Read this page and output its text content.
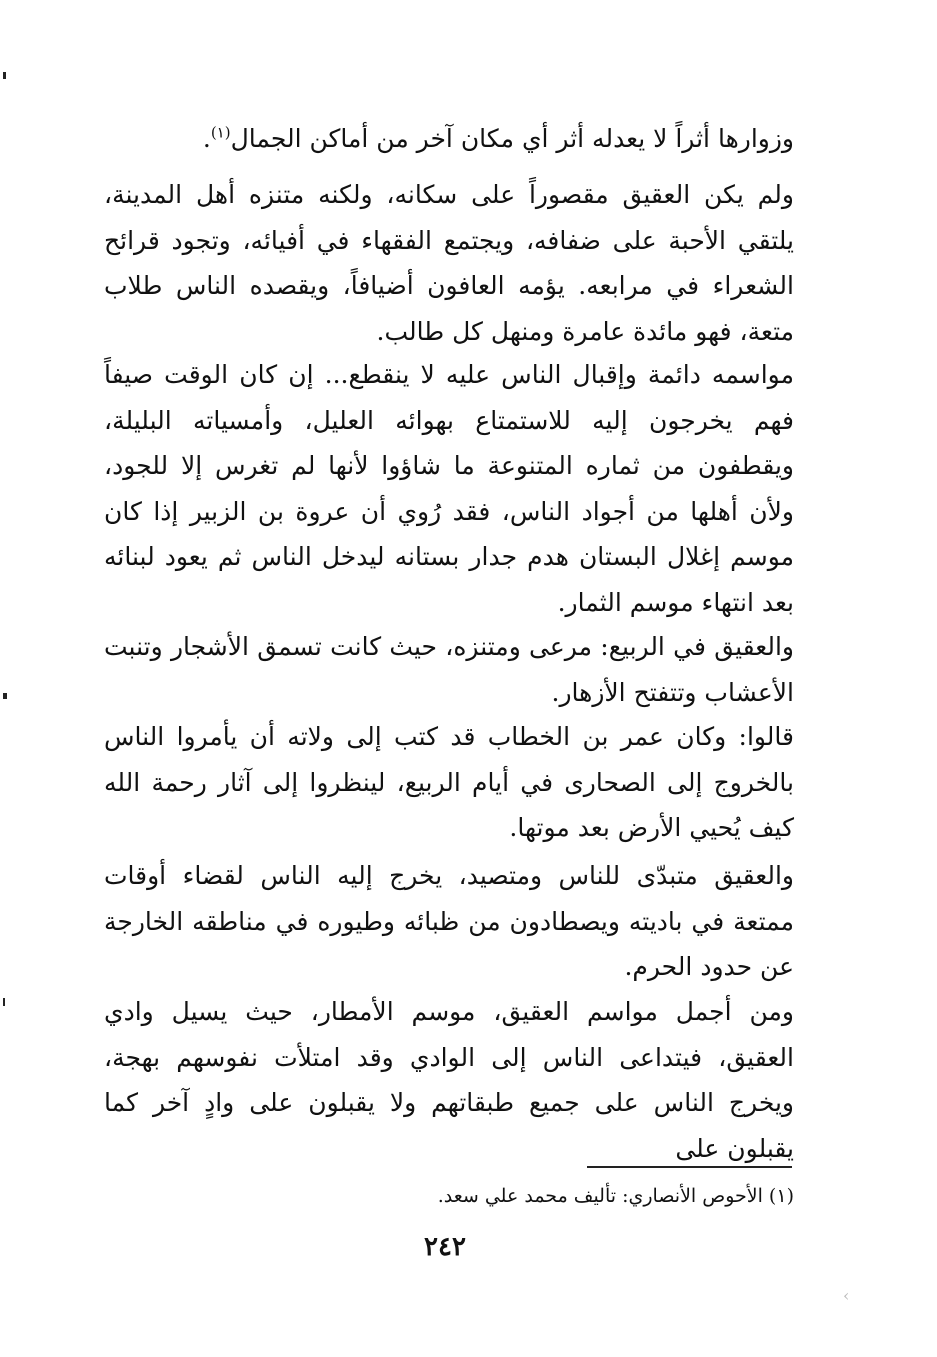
وزوارها أثراً لا يعدله أثر أي مكان آخر من أماكن الجمال$^{(١)}$.

ولم يكن العقيق مقصوراً على سكانه، ولكنه متنزه أهل المدينة، يلتقي الأحبة على ضفافه، ويجتمع الفقهاء في أفيائه، وتجود قرائح الشعراء في مرابعه. يؤمه العافون أضيافاً، ويقصده الناس طلاب متعة، فهو مائدة عامرة ومنهل كل طالب.

مواسمه دائمة وإقبال الناس عليه لا ينقطع... إن كان الوقت صيفاً فهم يخرجون إليه للاستمتاع بهوائه العليل، وأمسياته البليلة، ويقطفون من ثماره المتنوعة ما شاؤوا لأنها لم تغرس إلا للجود، ولأن أهلها من أجواد الناس، فقد رُوي أن عروة بن الزبير إذا كان موسم إغلال البستان هدم جدار بستانه ليدخل الناس ثم يعود لبنائه بعد انتهاء موسم الثمار.

والعقيق في الربيع: مرعى ومتنزه، حيث كانت تسمق الأشجار وتنبت الأعشاب وتتفتح الأزهار.

قالوا: وكان عمر بن الخطاب قد كتب إلى ولاته أن يأمروا الناس بالخروج إلى الصحارى في أيام الربيع، لينظروا إلى آثار رحمة الله كيف يُحيي الأرض بعد موتها.

والعقيق متبدّى للناس ومتصيد، يخرج إليه الناس لقضاء أوقات ممتعة في باديته ويصطادون من ظبائه وطيوره في مناطقه الخارجة عن حدود الحرم.

ومن أجمل مواسم العقيق، موسم الأمطار، حيث يسيل وادي العقيق، فيتداعى الناس إلى الوادي وقد امتلأت نفوسهم بهجة، ويخرج الناس على جميع طبقاتهم ولا يقبلون على وادٍ آخر كما يقبلون على

(١) الأحوص الأنصاري: تأليف محمد علي سعد.
٢٤٢
‹
